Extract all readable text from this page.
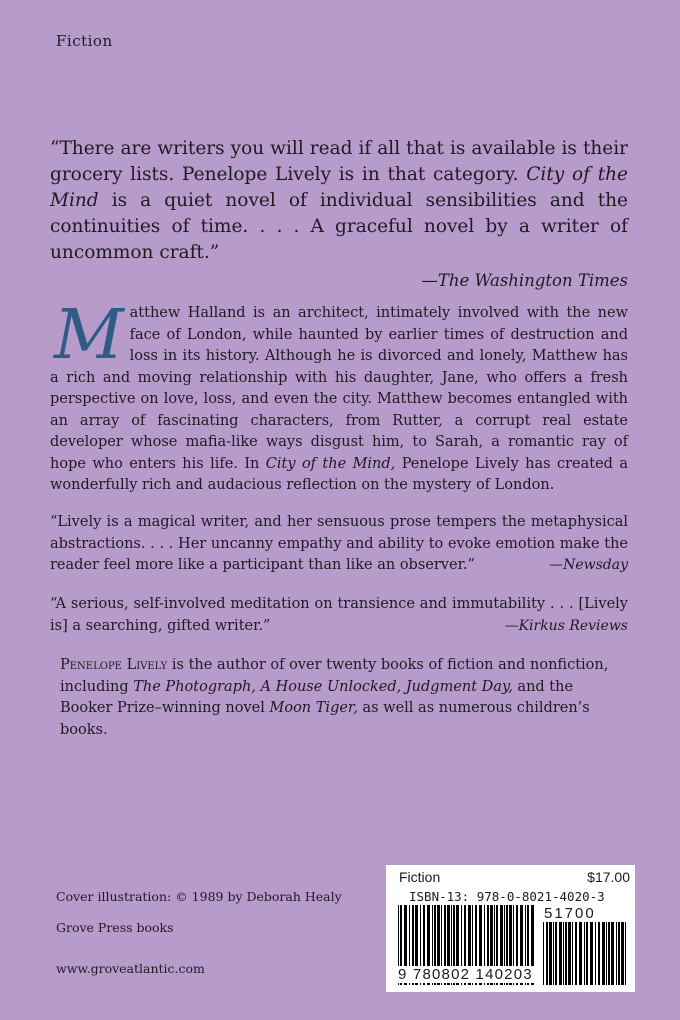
Fiction
“There are writers you will read if all that is available is their grocery lists. Penelope Lively is in that category. City of the Mind is a quiet novel of individual sensibilities and the continuities of time. . . . A graceful novel by a writer of uncommon craft.”
—The Washington Times
Matthew Halland is an architect, intimately involved with the new face of London, while haunted by earlier times of destruction and loss in its history. Although he is divorced and lonely, Matthew has a rich and moving relationship with his daughter, Jane, who offers a fresh perspective on love, loss, and even the city. Matthew becomes entangled with an array of fascinating characters, from Rutter, a corrupt real estate developer whose mafia-like ways disgust him, to Sarah, a romantic ray of hope who enters his life. In City of the Mind, Penelope Lively has created a wonderfully rich and audacious reflection on the mystery of London.
“Lively is a magical writer, and her sensuous prose tempers the metaphysical abstractions. . . . Her uncanny empathy and ability to evoke emotion make the reader feel more like a participant than like an observer.”	—Newsday
“A serious, self-involved meditation on transience and immutability . . . [Lively is] a searching, gifted writer.”	—Kirkus Reviews
Penelope Lively is the author of over twenty books of fiction and nonfiction, including The Photograph, A House Unlocked, Judgment Day, and the Booker Prize–winning novel Moon Tiger, as well as numerous children’s books.
Cover illustration: © 1989 by Deborah Healy
Grove Press books
www.groveatlantic.com
Fiction	$17.00
ISBN-13: 978-0-8021-4020-3
51700
9 780802 140203
